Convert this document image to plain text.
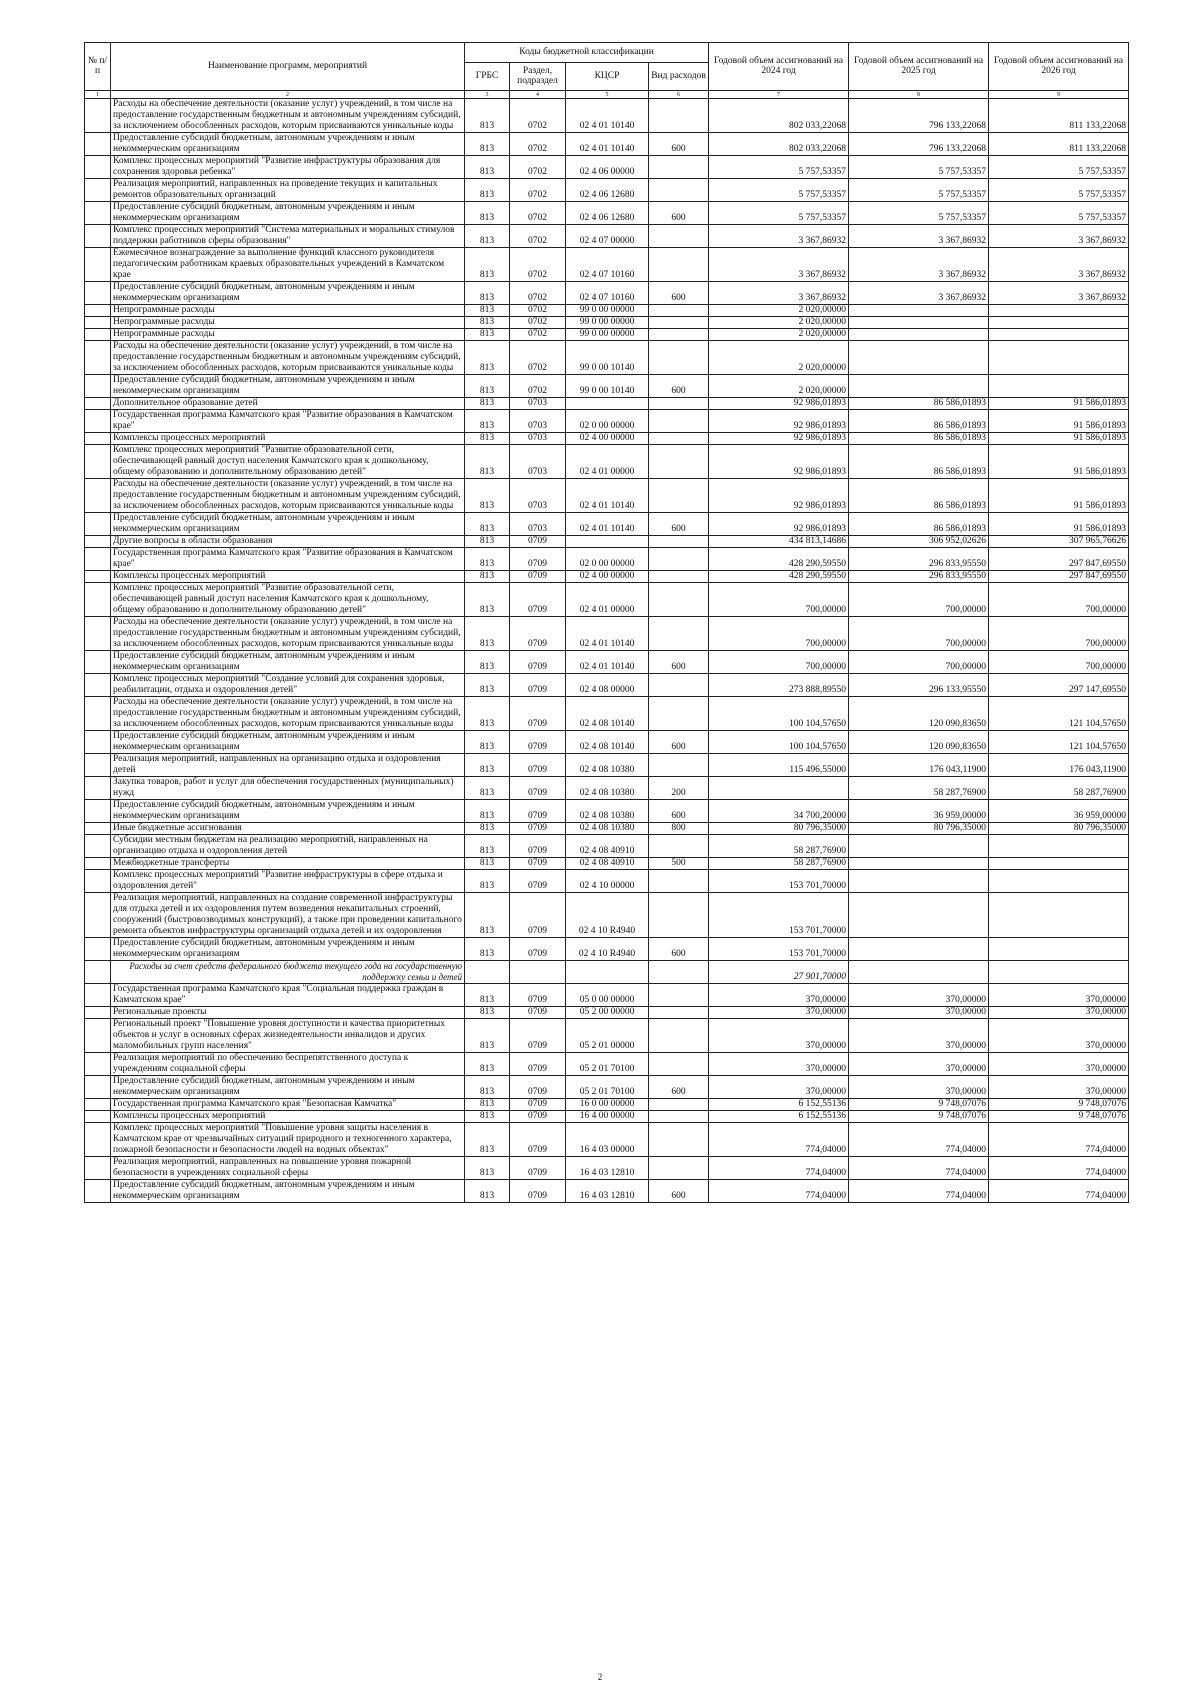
№ п/п	Наименование программ, мероприятий	Коды бюджетной классификации				Годовой объем ассигнований на 2024 год	Годовой объем ассигнований на 2025 год	Годовой объем ассигнований на 2026 год
		ГРБС	Раздел, подраздел	КЦСР	Вид расходов			
1	2	3	4	5	6	7	8	9
	Расходы на обеспечение деятельности (оказание услуг) учреждений, в том числе на предоставление государственным бюджетным и автономным учреждениям субсидий, за исключением обособленных расходов, которым присваиваются уникальные коды	813	0702	02 4 01 10140		802 033,22068	796 133,22068	811 133,22068
	Предоставление субсидий бюджетным, автономным учреждениям и иным некоммерческим организациям	813	0702	02 4 01 10140	600	802 033,22068	796 133,22068	811 133,22068
	Комплекс процессных мероприятий "Развитие инфраструктуры образования для сохранения здоровья ребенка"	813	0702	02 4 06 00000		5 757,53357	5 757,53357	5 757,53357
	Реализация мероприятий, направленных на проведение текущих и капитальных ремонтов образовательных организаций	813	0702	02 4 06 12680		5 757,53357	5 757,53357	5 757,53357
	Предоставление субсидий бюджетным, автономным учреждениям и иным некоммерческим организациям	813	0702	02 4 06 12680	600	5 757,53357	5 757,53357	5 757,53357
	Комплекс процессных мероприятий "Система материальных и моральных стимулов поддержки работников сферы образования"	813	0702	02 4 07 00000		3 367,86932	3 367,86932	3 367,86932
	Ежемесячное вознаграждение за выполнение функций классного руководителя педагогическим работникам краевых образовательных учреждений в Камчатском крае	813	0702	02 4 07 10160		3 367,86932	3 367,86932	3 367,86932
	Предоставление субсидий бюджетным, автономным учреждениям и иным некоммерческим организациям	813	0702	02 4 07 10160	600	3 367,86932	3 367,86932	3 367,86932
	Непрограммные расходы	813	0702	99 0 00 00000		2 020,00000		
	Непрограммные расходы	813	0702	99 0 00 00000		2 020,00000		
	Непрограммные расходы	813	0702	99 0 00 00000		2 020,00000		
	Расходы на обеспечение деятельности (оказание услуг) учреждений, в том числе на предоставление государственным бюджетным и автономным учреждениям субсидий, за исключением обособленных расходов, которым присваиваются уникальные коды	813	0702	99 0 00 10140		2 020,00000		
	Предоставление субсидий бюджетным, автономным учреждениям и иным некоммерческим организациям	813	0702	99 0 00 10140	600	2 020,00000		
	Дополнительное образование детей	813	0703			92 986,01893	86 586,01893	91 586,01893
	Государственная программа Камчатского края "Развитие образования в Камчатском крае"	813	0703	02 0 00 00000		92 986,01893	86 586,01893	91 586,01893
	Комплексы процессных мероприятий	813	0703	02 4 00 00000		92 986,01893	86 586,01893	91 586,01893
	Комплекс процессных мероприятий "Развитие образовательной сети, обеспечивающей равный доступ населения Камчатского края к дошкольному, общему образованию и дополнительному образованию детей"	813	0703	02 4 01 00000		92 986,01893	86 586,01893	91 586,01893
	Расходы на обеспечение деятельности (оказание услуг) учреждений, в том числе на предоставление государственным бюджетным и автономным учреждениям субсидий, за исключением обособленных расходов, которым присваиваются уникальные коды	813	0703	02 4 01 10140		92 986,01893	86 586,01893	91 586,01893
	Предоставление субсидий бюджетным, автономным учреждениям и иным некоммерческим организациям	813	0703	02 4 01 10140	600	92 986,01893	86 586,01893	91 586,01893
	Другие вопросы в области образования	813	0709			434 813,14686	306 952,02626	307 965,76626
	Государственная программа Камчатского края "Развитие образования в Камчатском крае"	813	0709	02 0 00 00000		428 290,59550	296 833,95550	297 847,69550
	Комплексы процессных мероприятий	813	0709	02 4 00 00000		428 290,59550	296 833,95550	297 847,69550
	Комплекс процессных мероприятий "Развитие образовательной сети, обеспечивающей равный доступ населения Камчатского края к дошкольному, общему образованию и дополнительному образованию детей"	813	0709	02 4 01 00000		700,00000	700,00000	700,00000
	Расходы на обеспечение деятельности (оказание услуг) учреждений, в том числе на предоставление государственным бюджетным и автономным учреждениям субсидий, за исключением обособленных расходов, которым присваиваются уникальные коды	813	0709	02 4 01 10140		700,00000	700,00000	700,00000
	Предоставление субсидий бюджетным, автономным учреждениям и иным некоммерческим организациям	813	0709	02 4 01 10140	600	700,00000	700,00000	700,00000
	Комплекс процессных мероприятий "Создание условий для сохранения здоровья, реабилитации, отдыха и оздоровления детей"	813	0709	02 4 08 00000		273 888,89550	296 133,95550	297 147,69550
	Расходы на обеспечение деятельности (оказание услуг) учреждений, в том числе на предоставление государственным бюджетным и автономным учреждениям субсидий, за исключением обособленных расходов, которым присваиваются уникальные коды	813	0709	02 4 08 10140		100 104,57650	120 090,83650	121 104,57650
	Предоставление субсидий бюджетным, автономным учреждениям и иным некоммерческим организациям	813	0709	02 4 08 10140	600	100 104,57650	120 090,83650	121 104,57650
	Реализация мероприятий, направленных на организацию отдыха и оздоровления детей	813	0709	02 4 08 10380		115 496,55000	176 043,11900	176 043,11900
	Закупка товаров, работ и услуг для обеспечения государственных (муниципальных) нужд	813	0709	02 4 08 10380	200		58 287,76900	58 287,76900
	Предоставление субсидий бюджетным, автономным учреждениям и иным некоммерческим организациям	813	0709	02 4 08 10380	600	34 700,20000	36 959,00000	36 959,00000
	Иные бюджетные ассигнования	813	0709	02 4 08 10380	800	80 796,35000	80 796,35000	80 796,35000
	Субсидии местным бюджетам на реализацию мероприятий, направленных на организацию отдыха и оздоровления детей	813	0709	02 4 08 40910		58 287,76900		
	Межбюджетные трансферты	813	0709	02 4 08 40910	500	58 287,76900		
	Комплекс процессных мероприятий "Развитие инфраструктуры в сфере отдыха и оздоровления детей"	813	0709	02 4 10 00000		153 701,70000		
	Реализация мероприятий, направленных на создание современной инфраструктуры для отдыха детей и их оздоровления путем возведения некапитальных строений, сооружений (быстровозводимых конструкций), а также при проведении капитального ремонта объектов инфраструктуры организаций отдыха детей и их оздоровления	813	0709	02 4 10 R4940		153 701,70000		
	Предоставление субсидий бюджетным, автономным учреждениям и иным некоммерческим организациям	813	0709	02 4 10 R4940	600	153 701,70000		
	Расходы за счет средств федерального бюджета текущего года на государственную поддержку семьи и детей					27 901,70000		
	Государственная программа Камчатского края "Социальная поддержка граждан в Камчатском крае"	813	0709	05 0 00 00000		370,00000	370,00000	370,00000
	Региональные проекты	813	0709	05 2 00 00000		370,00000	370,00000	370,00000
	Региональный проект "Повышение уровня доступности и качества приоритетных объектов и услуг в основных сферах жизнедеятельности инвалидов и других маломобильных групп населения"	813	0709	05 2 01 00000		370,00000	370,00000	370,00000
	Реализация мероприятий по обеспечению беспрепятственного доступа к учреждениям социальной сферы	813	0709	05 2 01 70100		370,00000	370,00000	370,00000
	Предоставление субсидий бюджетным, автономным учреждениям и иным некоммерческим организациям	813	0709	05 2 01 70100	600	370,00000	370,00000	370,00000
	Государственная программа Камчатского края "Безопасная Камчатка"	813	0709	16 0 00 00000		6 152,55136	9 748,07076	9 748,07076
	Комплексы процессных мероприятий	813	0709	16 4 00 00000		6 152,55136	9 748,07076	9 748,07076
	Комплекс процессных мероприятий "Повышение уровня защиты населения в Камчатском крае от чрезвычайных ситуаций природного и техногенного характера, пожарной безопасности и безопасности людей на водных объектах"	813	0709	16 4 03 00000		774,04000	774,04000	774,04000
	Реализация мероприятий, направленных на повышение уровня пожарной безопасности в учреждениях социальной сферы	813	0709	16 4 03 12810		774,04000	774,04000	774,04000
	Предоставление субсидий бюджетным, автономным учреждениям и иным некоммерческим организациям	813	0709	16 4 03 12810	600	774,04000	774,04000	774,04000
2
